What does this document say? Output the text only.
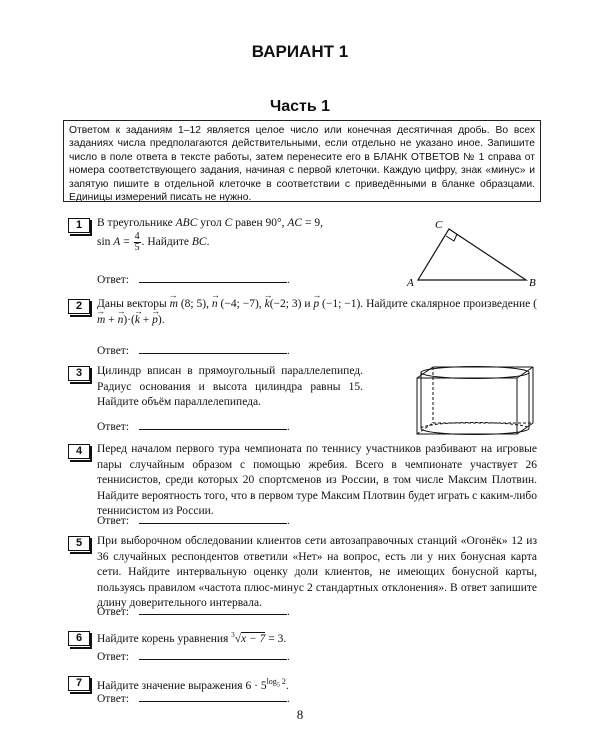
ВАРИАНТ 1
Часть 1
Ответом к заданиям 1–12 является целое число или конечная десятичная дробь. Во всех заданиях числа предполагаются действительными, если отдельно не указано иное. Запишите число в поле ответа в тексте работы, затем перенесите его в БЛАНК ОТВЕТОВ № 1 справа от номера соответствующего задания, начиная с первой клеточки. Каждую цифру, знак «минус» и запятую пишите в отдельной клеточке в соответствии с приведёнными в бланке образцами. Единицы измерений писать не нужно.
1	В треугольнике ABC угол C равен 90°, AC = 9,
$\sin A = \frac{4}{5}$ . Найдите BC.
A	B
C
Ответ:	.
2	Даны векторы → m (8; 5), → n (−4; −7), → k(−2; 3) и → p (−1; −1). Найдите скалярное произведение (→ m + → n)·(→ k + → p).
Ответ:	.
3	Цилиндр вписан в прямоугольный параллелепипед. Радиус основания и высота цилиндра равны 15. Найдите объём параллелепипеда.
Ответ:	.
4	Перед началом первого тура чемпионата по теннису участников разбивают на игровые пары случайным образом с помощью жребия. Всего в чемпионате участвует 26 теннисистов, среди которых 20 спортсменов из России, в том числе Максим Плотвин. Найдите вероятность того, что в первом туре Максим Плотвин будет играть с каким-либо теннисистом из России.
Ответ:	.
5	При выборочном обследовании клиентов сети автозаправочных станций «Огонёк» 12 из 36 случайных респондентов ответили «Нет» на вопрос, есть ли у них бонусная карта сети. Найдите интервальную оценку доли клиентов, не имеющих бонусной карты, пользуясь правилом «частота плюс-минус 2 стандартных отклонения». В ответ запишите длину доверительного интервала.
Ответ:	.
6	Найдите корень уравнения $^3$√x − 7 = 3.
Ответ:	.
7	Найдите значение выражения $6 \cdot 5^{log_5 2}$.
Ответ:	.
8
